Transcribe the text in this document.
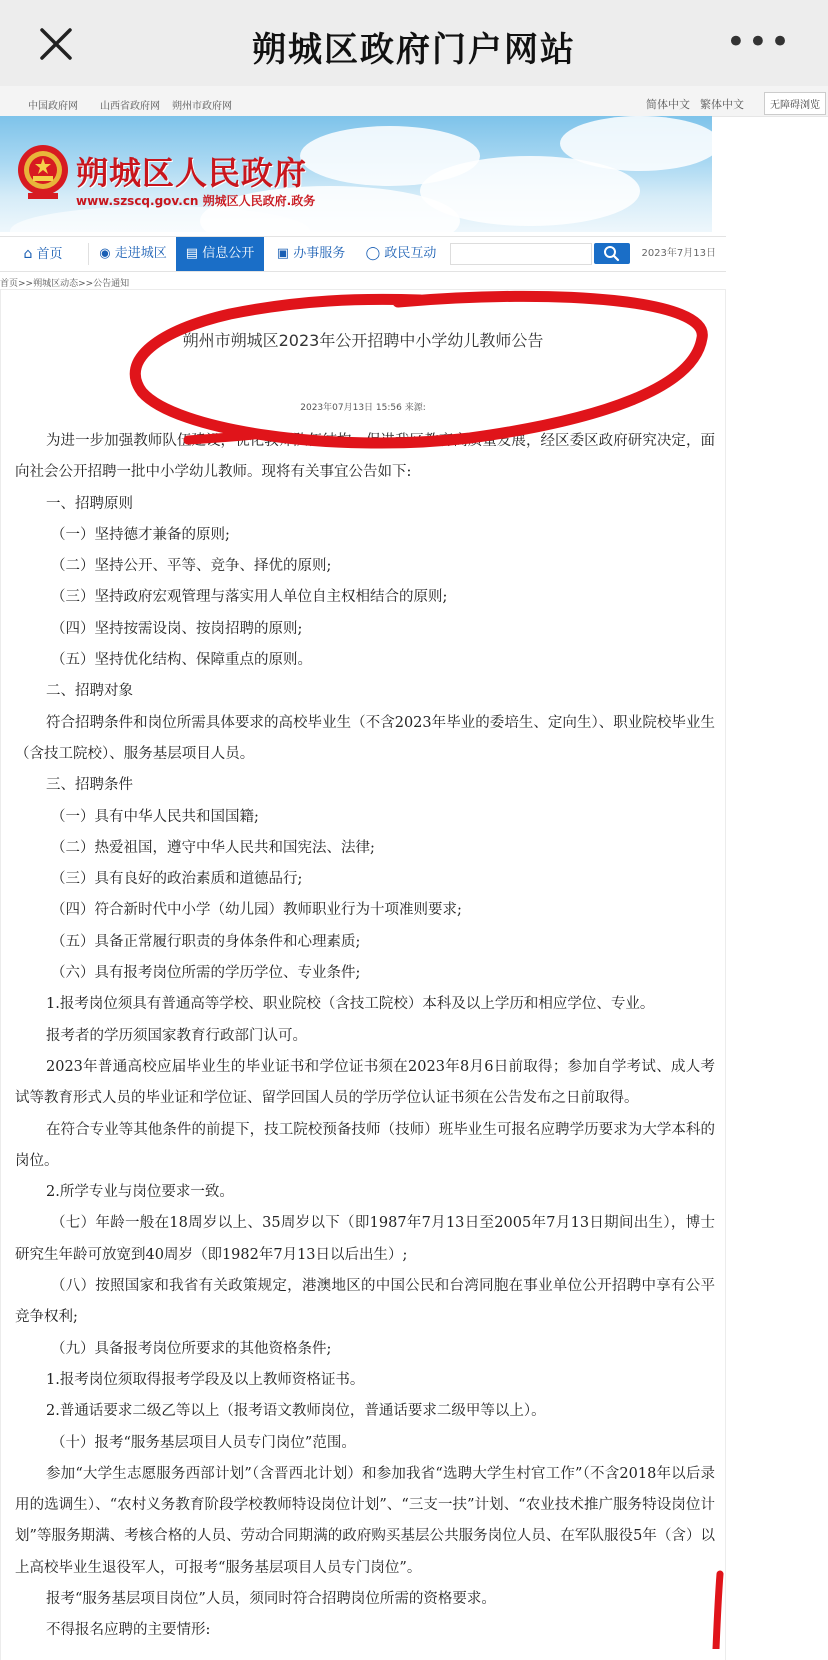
朔城区政府门户网站	•••
中国政府网 山西省政府网 朔州市政府网	简体中文 繁体中文	无障碍浏览
朔城区人民政府
www.szscq.gov.cn 朔城区人民政府.政务
⌂ 首页	◉ 走进城区	▤ 信息公开	▣ 办事服务	◯ 政民互动	2023年7月13日
首页>>朔城区动态>>公告通知
朔州市朔城区2023年公开招聘中小学幼儿教师公告
2023年07月13日 15:56 来源:

为进一步加强教师队伍建设，优化教师队伍结构，促进我区教育高质量发展，经区委区政府研究决定，面向社会公开招聘一批中小学幼儿教师。现将有关事宜公告如下:

一、招聘原则

（一）坚持德才兼备的原则;

（二）坚持公开、平等、竞争、择优的原则;

（三）坚持政府宏观管理与落实用人单位自主权相结合的原则;

（四）坚持按需设岗、按岗招聘的原则;

（五）坚持优化结构、保障重点的原则。

二、招聘对象

符合招聘条件和岗位所需具体要求的高校毕业生（不含2023年毕业的委培生、定向生）、职业院校毕业生（含技工院校）、服务基层项目人员。

三、招聘条件

（一）具有中华人民共和国国籍;

（二）热爱祖国，遵守中华人民共和国宪法、法律;

（三）具有良好的政治素质和道德品行;

（四）符合新时代中小学（幼儿园）教师职业行为十项准则要求;

（五）具备正常履行职责的身体条件和心理素质;

（六）具有报考岗位所需的学历学位、专业条件;

1.报考岗位须具有普通高等学校、职业院校（含技工院校）本科及以上学历和相应学位、专业。

报考者的学历须国家教育行政部门认可。

2023年普通高校应届毕业生的毕业证书和学位证书须在2023年8月6日前取得；参加自学考试、成人考试等教育形式人员的毕业证和学位证、留学回国人员的学历学位认证书须在公告发布之日前取得。

在符合专业等其他条件的前提下，技工院校预备技师（技师）班毕业生可报名应聘学历要求为大学本科的岗位。

2.所学专业与岗位要求一致。

（七）年龄一般在18周岁以上、35周岁以下（即1987年7月13日至2005年7月13日期间出生），博士研究生年龄可放宽到40周岁（即1982年7月13日以后出生）;

（八）按照国家和我省有关政策规定，港澳地区的中国公民和台湾同胞在事业单位公开招聘中享有公平竞争权利;

（九）具备报考岗位所要求的其他资格条件;

1.报考岗位须取得报考学段及以上教师资格证书。

2.普通话要求二级乙等以上（报考语文教师岗位，普通话要求二级甲等以上）。

（十）报考“服务基层项目人员专门岗位”范围。

参加“大学生志愿服务西部计划”（含晋西北计划）和参加我省“选聘大学生村官工作”（不含2018年以后录用的选调生）、“农村义务教育阶段学校教师特设岗位计划”、“三支一扶”计划、“农业技术推广服务特设岗位计划”等服务期满、考核合格的人员、劳动合同期满的政府购买基层公共服务岗位人员、在军队服役5年（含）以上高校毕业生退役军人，可报考“服务基层项目人员专门岗位”。

报考“服务基层项目岗位”人员，须同时符合招聘岗位所需的资格要求。

不得报名应聘的主要情形:
